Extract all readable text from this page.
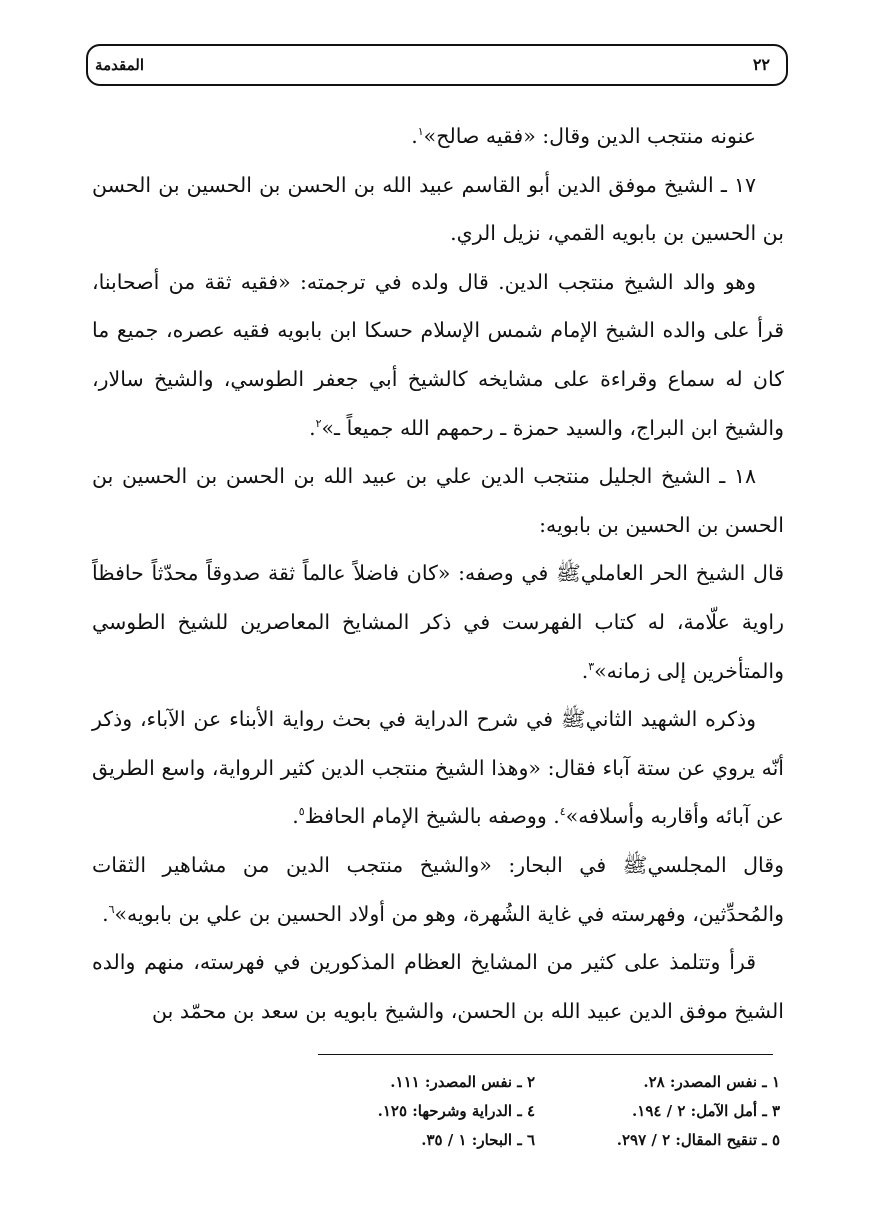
٢٢
المقدمة

عنونه منتجب الدين وقال: «فقيه صالح»$^١$.

١٧ ـ الشيخ موفق الدين أبو القاسم عبيد الله بن الحسن بن الحسين بن الحسن بن الحسين بن بابويه القمي، نزيل الري.

وهو والد الشيخ منتجب الدين. قال ولده في ترجمته: «فقيه ثقة من أصحابنا، قرأ على والده الشيخ الإمام شمس الإسلام حسكا ابن بابويه فقيه عصره، جميع ما كان له سماع وقراءة على مشايخه كالشيخ أبي جعفر الطوسي، والشيخ سالار، والشيخ ابن البراج، والسيد حمزة ـ رحمهم الله جميعاً ـ»$^٢$.

١٨ ـ الشيخ الجليل منتجب الدين علي بن عبيد الله بن الحسن بن الحسين بن الحسن بن الحسين بن بابويه:

قال الشيخ الحر العاملي‌ﷺ في وصفه: «كان فاضلاً عالماً ثقة صدوقاً محدّثاً حافظاً راوية علّامة، له كتاب الفهرست في ذكر المشايخ المعاصرين للشيخ الطوسي والمتأخرين إلى زمانه»$^٣$.

وذكره الشهيد الثاني‌ﷺ في شرح الدراية في بحث رواية الأبناء عن الآباء، وذكر أنّه يروي عن ستة آباء فقال: «وهذا الشيخ منتجب الدين كثير الرواية، واسع الطريق عن آبائه وأقاربه وأسلافه»$^٤$. ووصفه بالشيخ الإمام الحافظ$^٥$.

وقال المجلسي‌ﷺ في البحار: «والشيخ منتجب الدين من مشاهير الثقات والمُحدِّثين، وفهرسته في غاية الشُهرة، وهو من أولاد الحسين بن علي بن بابويه»$^٦$.

قرأ وتتلمذ على كثير من المشايخ العظام المذكورين في فهرسته، منهم والده الشيخ موفق الدين عبيد الله بن الحسن، والشيخ بابويه بن سعد بن محمّد بن

١ ـ نفس المصدر: ٢٨.
٢ ـ نفس المصدر: ١١١.
٣ ـ أمل الآمل: ٢ / ١٩٤.
٤ ـ الدراية وشرحها: ١٢٥.
٥ ـ تنقيح المقال: ٢ / ٢٩٧.
٦ ـ البحار: ١ / ٣٥.
